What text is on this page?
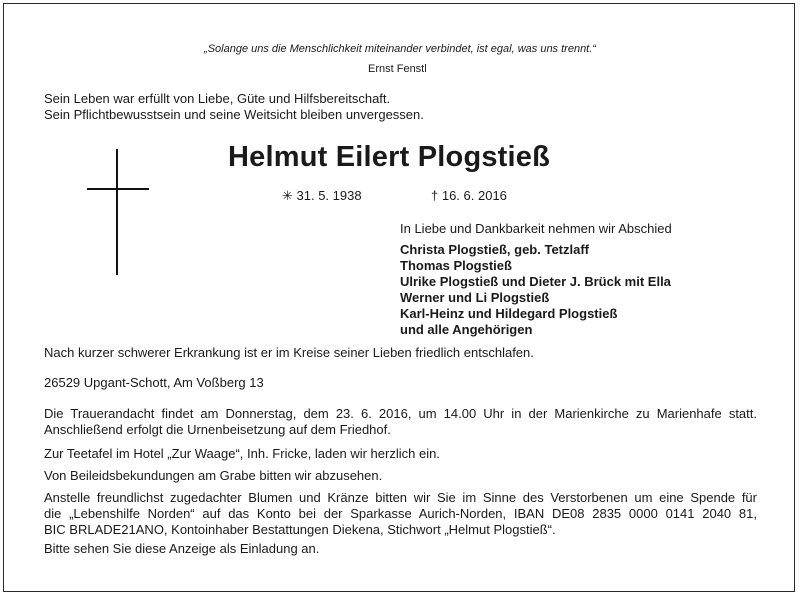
„Solange uns die Menschlichkeit miteinander verbindet, ist egal, was uns trennt.“
Ernst Fenstl
Sein Leben war erfüllt von Liebe, Güte und Hilfsbereitschaft.
Sein Pflichtbewusstsein und seine Weitsicht bleiben unvergessen.
Helmut Eilert Plogstieß
✳ 31. 5. 1938	† 16. 6. 2016
In Liebe und Dankbarkeit nehmen wir Abschied
Christa Plogstieß, geb. Tetzlaff
Thomas Plogstieß
Ulrike Plogstieß und Dieter J. Brück mit Ella
Werner und Li Plogstieß
Karl-Heinz und Hildegard Plogstieß
und alle Angehörigen
Nach kurzer schwerer Erkrankung ist er im Kreise seiner Lieben friedlich entschlafen.
26529 Upgant-Schott, Am Voßberg 13
Die Trauerandacht findet am Donnerstag, dem 23. 6. 2016, um 14.00 Uhr in der Marienkirche zu Marienhafe statt.
Anschließend erfolgt die Urnenbeisetzung auf dem Friedhof.
Zur Teetafel im Hotel „Zur Waage“, Inh. Fricke, laden wir herzlich ein.
Von Beileidsbekundungen am Grabe bitten wir abzusehen.
Anstelle freundlichst zugedachter Blumen und Kränze bitten wir Sie im Sinne des Verstorbenen um eine Spende für
die „Lebenshilfe Norden“ auf das Konto bei der Sparkasse Aurich-Norden, IBAN DE08 2835 0000 0141 2040 81,
BIC BRLADE21ANO, Kontoinhaber Bestattungen Diekena, Stichwort „Helmut Plogstieß“.
Bitte sehen Sie diese Anzeige als Einladung an.
